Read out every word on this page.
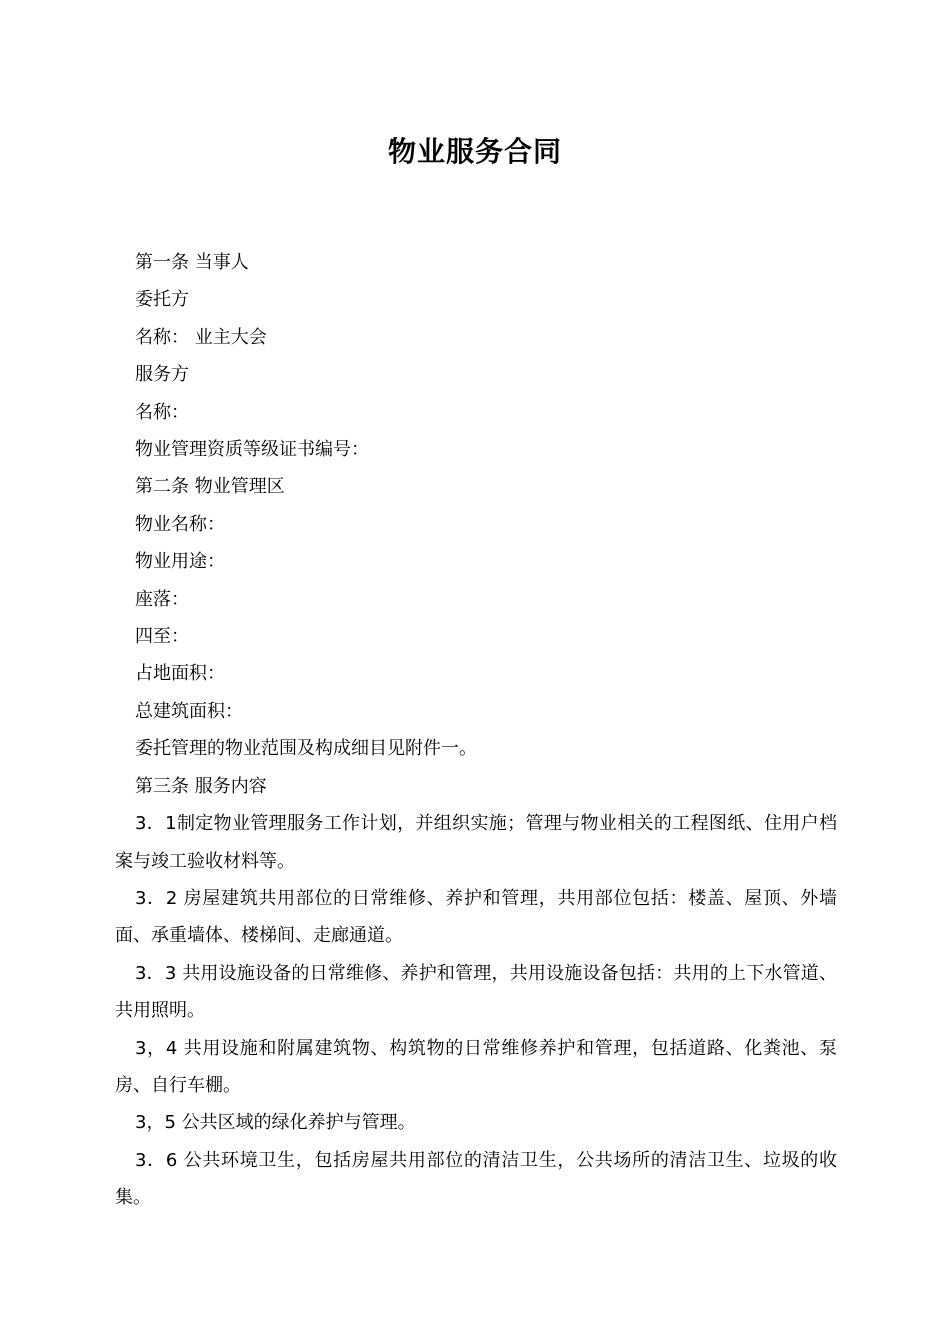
物业服务合同
第一条 当事人
委托方
名称： 业主大会
服务方
名称：
物业管理资质等级证书编号：
第二条 物业管理区
物业名称：
物业用途：
座落：
四至：
占地面积：
总建筑面积：
委托管理的物业范围及构成细目见附件一。
第三条 服务内容
3．1制定物业管理服务工作计划，并组织实施；管理与物业相关的工程图纸、住用户档案与竣工验收材料等。
3．2 房屋建筑共用部位的日常维修、养护和管理，共用部位包括：楼盖、屋顶、外墙面、承重墙体、楼梯间、走廊通道。
3．3 共用设施设备的日常维修、养护和管理，共用设施设备包括：共用的上下水管道、共用照明。
3，4 共用设施和附属建筑物、构筑物的日常维修养护和管理，包括道路、化粪池、泵房、自行车棚。
3，5 公共区域的绿化养护与管理。
3．6 公共环境卫生，包括房屋共用部位的清洁卫生，公共场所的清洁卫生、垃圾的收集。
